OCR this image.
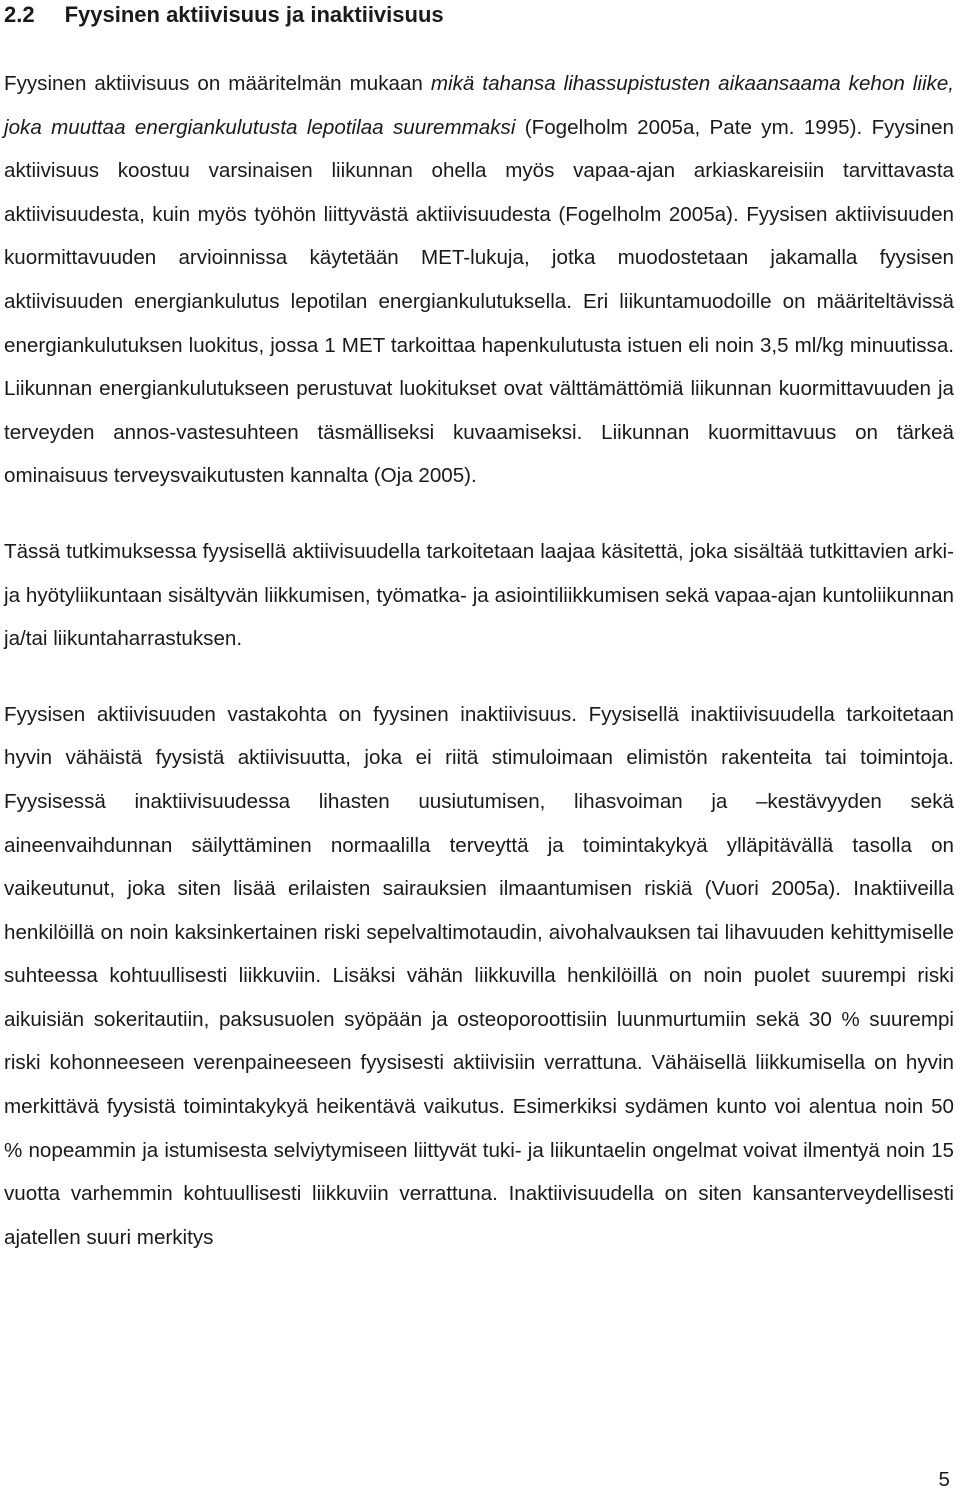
2.2 Fyysinen aktiivisuus ja inaktiivisuus

Fyysinen aktiivisuus on määritelmän mukaan mikä tahansa lihassupistusten aikaansaama kehon liike, joka muuttaa energiankulutusta lepotilaa suuremmaksi (Fogelholm 2005a, Pate ym. 1995). Fyysinen aktiivisuus koostuu varsinaisen liikunnan ohella myös vapaa-ajan arkiaskareisiin tarvittavasta aktiivisuudesta, kuin myös työhön liittyvästä aktiivisuudesta (Fogelholm 2005a). Fyysisen aktiivisuuden kuormittavuuden arvioinnissa käytetään MET-lukuja, jotka muodostetaan jakamalla fyysisen aktiivisuuden energiankulutus lepotilan energiankulutuksella. Eri liikuntamuodoille on määriteltävissä energiankulutuksen luokitus, jossa 1 MET tarkoittaa hapenkulutusta istuen eli noin 3,5 ml/kg minuutissa. Liikunnan energiankulutukseen perustuvat luokitukset ovat välttämättömiä liikunnan kuormittavuuden ja terveyden annos-vastesuhteen täsmälliseksi kuvaamiseksi. Liikunnan kuormittavuus on tärkeä ominaisuus terveysvaikutusten kannalta (Oja 2005).

Tässä tutkimuksessa fyysisellä aktiivisuudella tarkoitetaan laajaa käsitettä, joka sisältää tutkittavien arki- ja hyötyliikuntaan sisältyvän liikkumisen, työmatka- ja asiointiliikkumisen sekä vapaa-ajan kuntoliikunnan ja/tai liikuntaharrastuksen.

Fyysisen aktiivisuuden vastakohta on fyysinen inaktiivisuus. Fyysisellä inaktiivisuudella tarkoitetaan hyvin vähäistä fyysistä aktiivisuutta, joka ei riitä stimuloimaan elimistön rakenteita tai toimintoja. Fyysisessä inaktiivisuudessa lihasten uusiutumisen, lihasvoiman ja –kestävyyden sekä aineenvaihdunnan säilyttäminen normaalilla terveyttä ja toimintakykyä ylläpitävällä tasolla on vaikeutunut, joka siten lisää erilaisten sairauksien ilmaantumisen riskiä (Vuori 2005a). Inaktiiveilla henkilöillä on noin kaksinkertainen riski sepelvaltimotaudin, aivohalvauksen tai lihavuuden kehittymiselle suhteessa kohtuullisesti liikkuviin. Lisäksi vähän liikkuvilla henkilöillä on noin puolet suurempi riski aikuisiän sokeritautiin, paksusuolen syöpään ja osteoporoottisiin luunmurtumiin sekä 30 % suurempi riski kohonneeseen verenpaineeseen fyysisesti aktiivisiin verrattuna. Vähäisellä liikkumisella on hyvin merkittävä fyysistä toimintakykyä heikentävä vaikutus. Esimerkiksi sydämen kunto voi alentua noin 50 % nopeammin ja istumisesta selviytymiseen liittyvät tuki- ja liikuntaelin ongelmat voivat ilmentyä noin 15 vuotta varhemmin kohtuullisesti liikkuviin verrattuna. Inaktiivisuudella on siten kansanterveydellisesti ajatellen suuri merkitys

5
